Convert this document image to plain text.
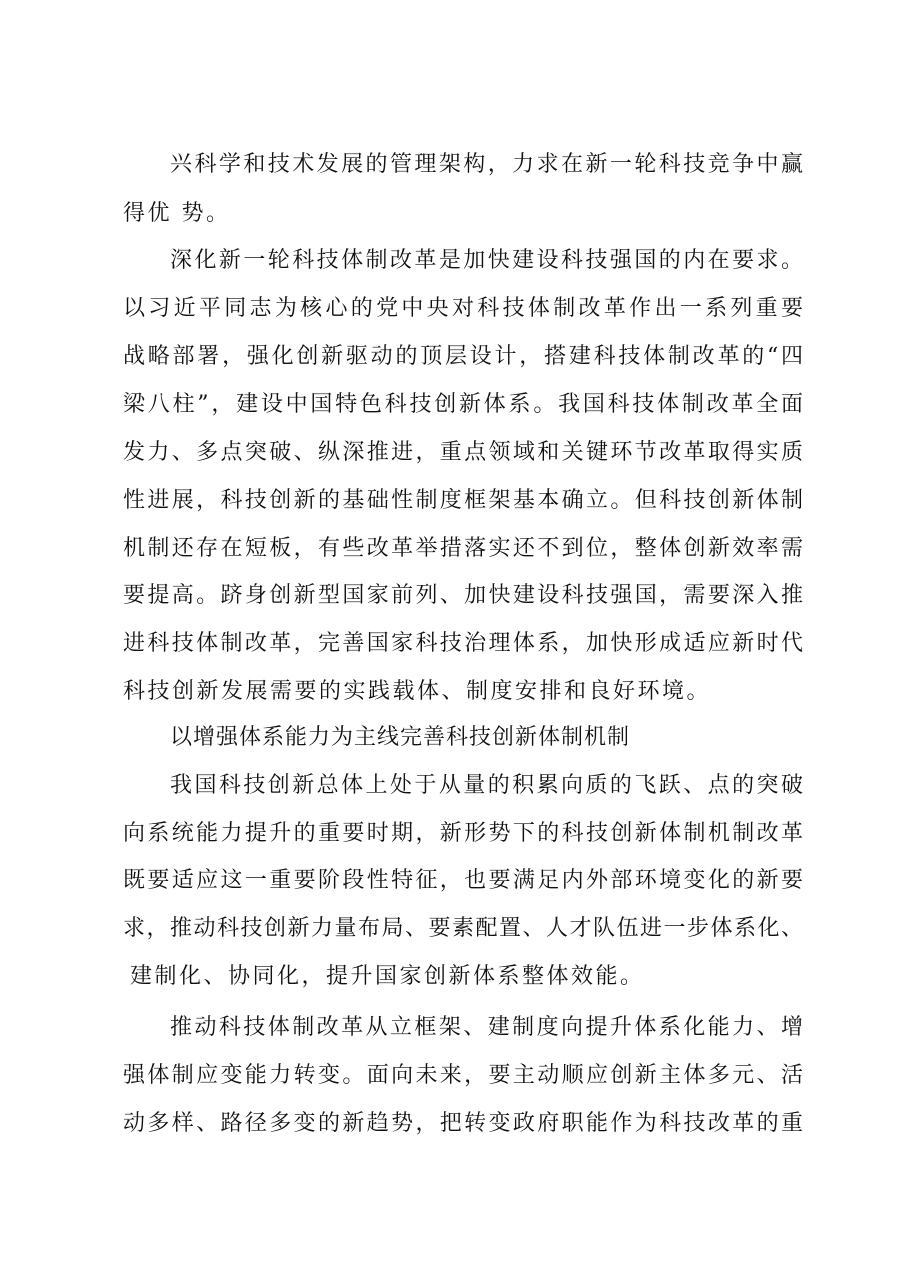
兴科学和技术发展的管理架构，力求在新一轮科技竞争中赢
得优 势。
深化新一轮科技体制改革是加快建设科技强国的内在要求。
以习近平同志为核心的党中央对科技体制改革作出一系列重要
战略部署，强化创新驱动的顶层设计，搭建科技体制改革的“四
梁八柱”，建设中国特色科技创新体系。我国科技体制改革全面
发力、多点突破、纵深推进，重点领域和关键环节改革取得实质
性进展，科技创新的基础性制度框架基本确立。但科技创新体制
机制还存在短板，有些改革举措落实还不到位，整体创新效率需
要提高。跻身创新型国家前列、加快建设科技强国，需要深入推
进科技体制改革，完善国家科技治理体系，加快形成适应新时代
科技创新发展需要的实践载体、制度安排和良好环境。
以增强体系能力为主线完善科技创新体制机制
我国科技创新总体上处于从量的积累向质的飞跃、点的突破
向系统能力提升的重要时期，新形势下的科技创新体制机制改革
既要适应这一重要阶段性特征，也要满足内外部环境变化的新要
求，推动科技创新力量布局、要素配置、人才队伍进一步体系化、
建制化、协同化，提升国家创新体系整体效能。
推动科技体制改革从立框架、建制度向提升体系化能力、增
强体制应变能力转变。面向未来，要主动顺应创新主体多元、活
动多样、路径多变的新趋势，把转变政府职能作为科技改革的重
